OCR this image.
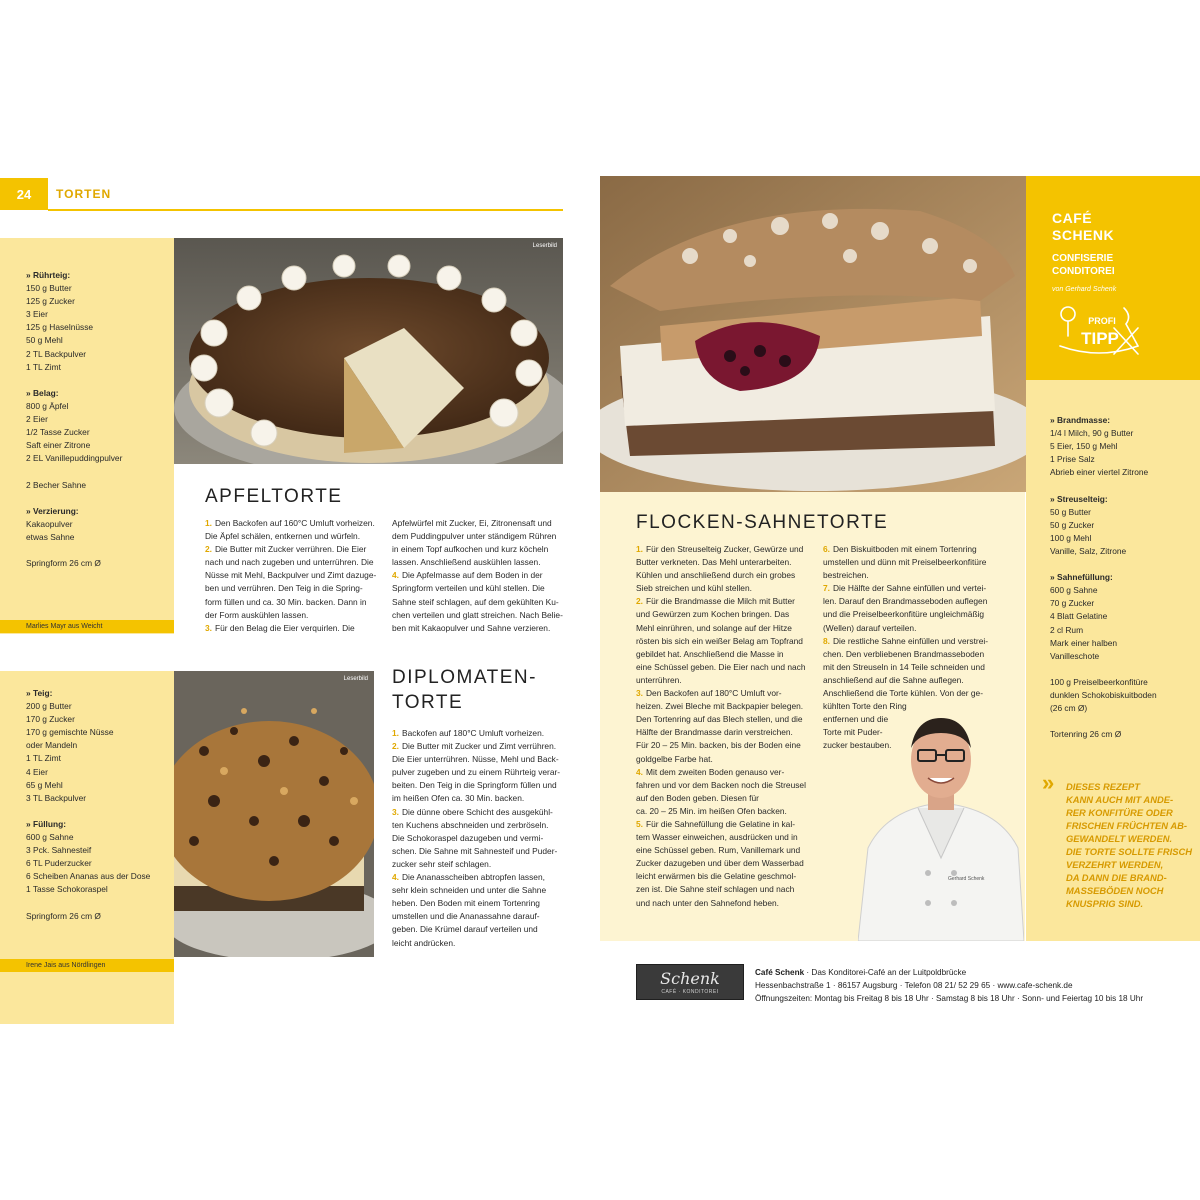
24	TORTEN
» Rührteig:
150 g Butter
125 g Zucker
3 Eier
125 g Haselnüsse
50 g Mehl
2 TL Backpulver
1 TL Zimt
» Belag:
800 g Äpfel
2 Eier
1/2 Tasse Zucker
Saft einer Zitrone
2 EL Vanillepuddingpulver
2 Becher Sahne
» Verzierung:
Kakaopulver
etwas Sahne
Springform 26 cm Ø
Marlies Mayr aus Weicht
Leserbild
APFELTORTE
1. Den Backofen auf 160°C Umluft vorheizen.
Die Äpfel schälen, entkernen und würfeln.
2. Die Butter mit Zucker verrühren. Die Eier
nach und nach zugeben und unterrühren. Die
Nüsse mit Mehl, Backpulver und Zimt dazuge-
ben und verrühren. Den Teig in die Spring-
form füllen und ca. 30 Min. backen. Dann in
der Form auskühlen lassen.
3. Für den Belag die Eier verquirlen. Die
Apfelwürfel mit Zucker, Ei, Zitronensaft und
dem Puddingpulver unter ständigem Rühren
in einem Topf aufkochen und kurz köcheln
lassen. Anschließend auskühlen lassen.
4. Die Apfelmasse auf dem Boden in der
Springform verteilen und kühl stellen. Die
Sahne steif schlagen, auf dem gekühlten Ku-
chen verteilen und glatt streichen. Nach Belie-
ben mit Kakaopulver und Sahne verzieren.
» Teig:
200 g Butter
170 g Zucker
170 g gemischte Nüsse
oder Mandeln
1 TL Zimt
4 Eier
65 g Mehl
3 TL Backpulver
» Füllung:
600 g Sahne
3 Pck. Sahnesteif
6 TL Puderzucker
6 Scheiben Ananas aus der Dose
1 Tasse Schokoraspel
Springform 26 cm Ø
Irene Jais aus Nördlingen
Leserbild DIPLOMATEN-
TORTE
1. Backofen auf 180°C Umluft vorheizen.
2. Die Butter mit Zucker und Zimt verrühren.
Die Eier unterrühren. Nüsse, Mehl und Back-
pulver zugeben und zu einem Rührteig verar-
beiten. Den Teig in die Springform füllen und
im heißen Ofen ca. 30 Min. backen.
3. Die dünne obere Schicht des ausgekühl-
ten Kuchens abschneiden und zerbröseln.
Die Schokoraspel dazugeben und vermi-
schen. Die Sahne mit Sahnesteif und Puder-
zucker sehr steif schlagen.
4. Die Ananasscheiben abtropfen lassen,
sehr klein schneiden und unter die Sahne
heben. Den Boden mit einem Tortenring
umstellen und die Ananassahne darauf-
geben. Die Krümel darauf verteilen und
leicht andrücken.
FLOCKEN-SAHNETORTE
1. Für den Streuselteig Zucker, Gewürze und
Butter verkneten. Das Mehl unterarbeiten.
Kühlen und anschließend durch ein grobes
Sieb streichen und kühl stellen.
2. Für die Brandmasse die Milch mit Butter
und Gewürzen zum Kochen bringen. Das
Mehl einrühren, und solange auf der Hitze
rösten bis sich ein weißer Belag am Topfrand
gebildet hat. Anschließend die Masse in
eine Schüssel geben. Die Eier nach und nach
unterrühren.
3. Den Backofen auf 180°C Umluft vor-
heizen. Zwei Bleche mit Backpapier belegen.
Den Tortenring auf das Blech stellen, und die
Hälfte der Brandmasse darin verstreichen.
Für 20 – 25 Min. backen, bis der Boden eine
goldgelbe Farbe hat.
4. Mit dem zweiten Boden genauso ver-
fahren und vor dem Backen noch die Streusel
auf den Boden geben. Diesen für
ca. 20 – 25 Min. im heißen Ofen backen.
5. Für die Sahnefüllung die Gelatine in kal-
tem Wasser einweichen, ausdrücken und in
eine Schüssel geben. Rum, Vanillemark und
Zucker dazugeben und über dem Wasserbad
leicht erwärmen bis die Gelatine geschmol-
zen ist. Die Sahne steif schlagen und nach
und nach unter den Sahnefond heben.
6. Den Biskuitboden mit einem Tortenring
umstellen und dünn mit Preiselbeerkonfitüre
bestreichen.
7. Die Hälfte der Sahne einfüllen und vertei-
len. Darauf den Brandmasseboden auflegen
und die Preiselbeerkonfitüre ungleichmäßig
(Wellen) darauf verteilen.
8. Die restliche Sahne einfüllen und verstrei-
chen. Den verbliebenen Brandmasseboden
mit den Streuseln in 14 Teile schneiden und
anschließend auf die Sahne auflegen.
Anschließend die Torte kühlen. Von der ge-
kühlten Torte den Ring
entfernen und die
Torte mit Puder-
zucker bestauben.
Gerhard Schenk
CAFÉ
SCHENK
CONFISERIE
CONDITOREI
von Gerhard Schenk
PROFI
TIPP
» Brandmasse:
1/4 l Milch, 90 g Butter
5 Eier, 150 g Mehl
1 Prise Salz
Abrieb einer viertel Zitrone
» Streuselteig:
50 g Butter
50 g Zucker
100 g Mehl
Vanille, Salz, Zitrone
» Sahnefüllung:
600 g Sahne
70 g Zucker
4 Blatt Gelatine
2 cl Rum
Mark einer halben
Vanilleschote
100 g Preiselbeerkonfitüre
dunklen Schokobiskuitboden
(26 cm Ø)
Tortenring 26 cm Ø
» DIESES REZEPT
KANN AUCH MIT ANDE-
RER KONFITÜRE ODER
FRISCHEN FRÜCHTEN AB-
GEWANDELT WERDEN.
DIE TORTE SOLLTE FRISCH
VERZEHRT WERDEN,
DA DANN DIE BRAND-
MASSEBÖDEN NOCH
KNUSPRIG SIND.
Schenk
CAFÉ · KONDITOREI
Café Schenk · Das Konditorei-Café an der Luitpoldbrücke
Hessenbachstraße 1 · 86157 Augsburg · Telefon 08 21/ 52 29 65 · www.cafe-schenk.de
Öffnungszeiten: Montag bis Freitag 8 bis 18 Uhr · Samstag 8 bis 18 Uhr · Sonn- und Feiertag 10 bis 18 Uhr
